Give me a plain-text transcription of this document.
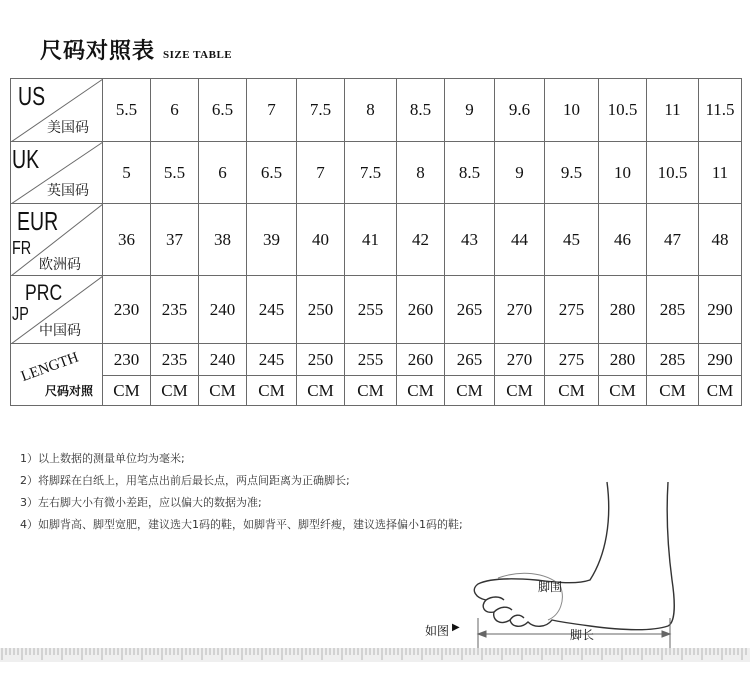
尺码对照表 SIZE TABLE
US
美国码	5.5	6	6.5	7	7.5	8	8.5	9	9.6	10	10.5	11	11.5

UK
英国码	5	5.5	6	6.5	7	7.5	8	8.5	9	9.5	10	10.5	11

EUR
FR
欧洲码	36	37	38	39	40	41	42	43	44	45	46	47	48

PRC
JP
中国码	230	235	240	245	250	255	260	265	270	275	280	285	290

LENGTH
尺码对照	230	235	240	245	250	255	260	265	270	275	280	285	290
	CM	CM	CM	CM	CM	CM	CM	CM	CM	CM	CM	CM	CM
1）以上数据的测量单位均为毫米;
2）将脚踩在白纸上，用笔点出前后最长点，两点间距离为正确脚长;
3）左右脚大小有微小差距，应以偏大的数据为准;
4）如脚背高、脚型宽肥，建议选大1码的鞋，如脚背平、脚型纤瘦，建议选择偏小1码的鞋;
脚围
脚长
如图 ▶
